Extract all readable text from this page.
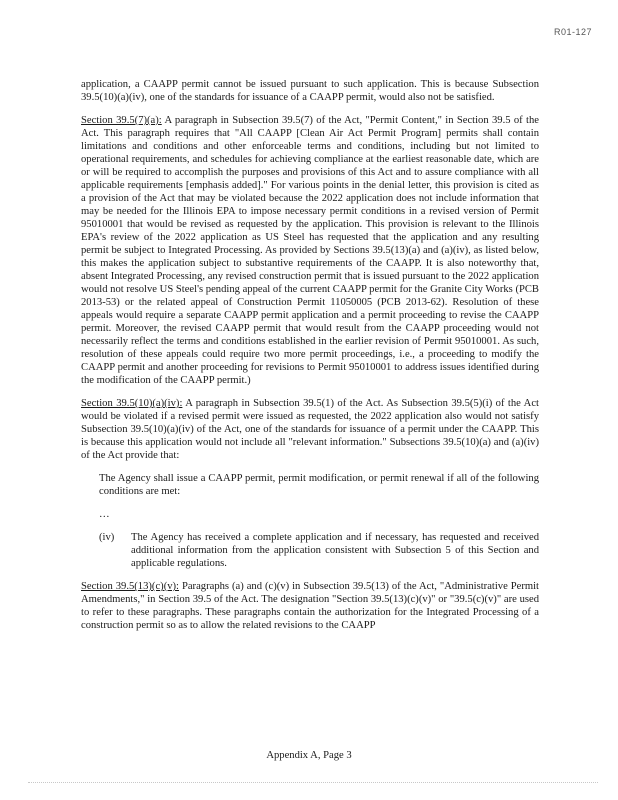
R01-127

application, a CAAPP permit cannot be issued pursuant to such application. This is because Subsection 39.5(10)(a)(iv), one of the standards for issuance of a CAAPP permit, would also not be satisfied.

Section 39.5(7)(a): A paragraph in Subsection 39.5(7) of the Act, "Permit Content," in Section 39.5 of the Act. This paragraph requires that "All CAAPP [Clean Air Act Permit Program] permits shall contain limitations and conditions and other enforceable terms and conditions, including but not limited to operational requirements, and schedules for achieving compliance at the earliest reasonable date, which are or will be required to accomplish the purposes and provisions of this Act and to assure compliance with all applicable requirements [emphasis added]." For various points in the denial letter, this provision is cited as a provision of the Act that may be violated because the 2022 application does not include information that may be needed for the Illinois EPA to impose necessary permit conditions in a revised version of Permit 95010001 that would be revised as requested by the application. This provision is relevant to the Illinois EPA's review of the 2022 application as US Steel has requested that the application and any resulting permit be subject to Integrated Processing. As provided by Sections 39.5(13)(a) and (a)(iv), as listed below, this makes the application subject to substantive requirements of the CAAPP. It is also noteworthy that, absent Integrated Processing, any revised construction permit that is issued pursuant to the 2022 application would not resolve US Steel's pending appeal of the current CAAPP permit for the Granite City Works (PCB 2013-53) or the related appeal of Construction Permit 11050005 (PCB 2013-62). Resolution of these appeals would require a separate CAAPP permit application and a permit proceeding to revise the CAAPP permit. Moreover, the revised CAAPP permit that would result from the CAAPP proceeding would not necessarily reflect the terms and conditions established in the earlier revision of Permit 95010001. As such, resolution of these appeals could require two more permit proceedings, i.e., a proceeding to modify the CAAPP permit and another proceeding for revisions to Permit 95010001 to address issues identified during the modification of the CAAPP permit.)

Section 39.5(10)(a)(iv): A paragraph in Subsection 39.5(1) of the Act. As Subsection 39.5(5)(i) of the Act would be violated if a revised permit were issued as requested, the 2022 application also would not satisfy Subsection 39.5(10)(a)(iv) of the Act, one of the standards for issuance of a permit under the CAAPP. This is because this application would not include all "relevant information." Subsections 39.5(10)(a) and (a)(iv) of the Act provide that:

The Agency shall issue a CAAPP permit, permit modification, or permit renewal if all of the following conditions are met:

…

(iv)	The Agency has received a complete application and if necessary, has requested and received additional information from the application consistent with Subsection 5 of this Section and applicable regulations.

Section 39.5(13)(c)(v): Paragraphs (a) and (c)(v) in Subsection 39.5(13) of the Act, "Administrative Permit Amendments," in Section 39.5 of the Act. The designation "Section 39.5(13)(c)(v)" or "39.5(c)(v)" are used to refer to these paragraphs. These paragraphs contain the authorization for the Integrated Processing of a construction permit so as to allow the related revisions to the CAAPP

Appendix A, Page 3
